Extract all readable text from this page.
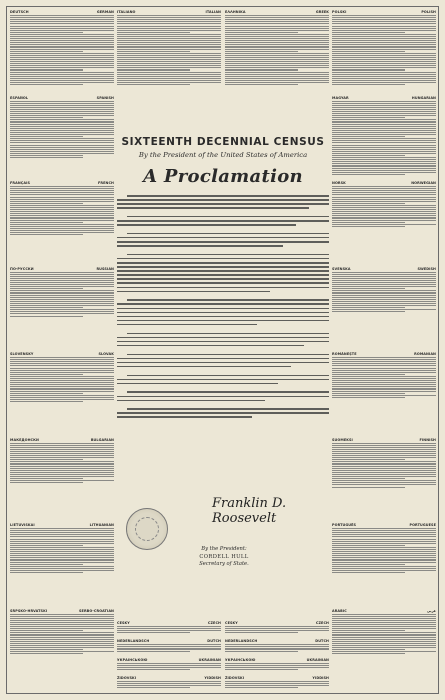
DEUTSCH	GERMAN
ESPAÑOL	SPANISH
FRANÇAIS	FRENCH
ПО-РУССКИ	RUSSIAN
SLOVENSKY	SLOVAK
МАКЕДОНСКИ	BULGARIAN
LIETUVIŠKAI	LITHUANIAN
SRPSKO-HRVATSKI	SERBO-CROATIAN
POLSKI	POLISH
MAGYAR	HUNGARIAN
NORSK	NORWEGIAN
SVENSKA	SWEDISH
ROMÂNEȘTE	ROMANIAN
SUOMEKSI	FINNISH
PORTUGUÊS	PORTUGUESE
ARABIC	عربي
ITALIANO	ITALIAN ΕΛΛΗΝΙΚΑ	GREEK
ČESKY	CZECH
NEDERLANDSCH	DUTCH
УКРАЇНСЬКОЮ	UKRAINIAN
ŽIDOVSKI	YIDDISH
ČESKY	CZECH
NEDERLANDSCH	DUTCH
УКРАЇНСЬКОЮ	UKRAINIAN
ŽIDOVSKI	YIDDISH
SIXTEENTH DECENNIAL CENSUS
By the President of the United States of America
A Proclamation
Franklin D. Roosevelt
By the President:
CORDELL HULL
Secretary of State.
